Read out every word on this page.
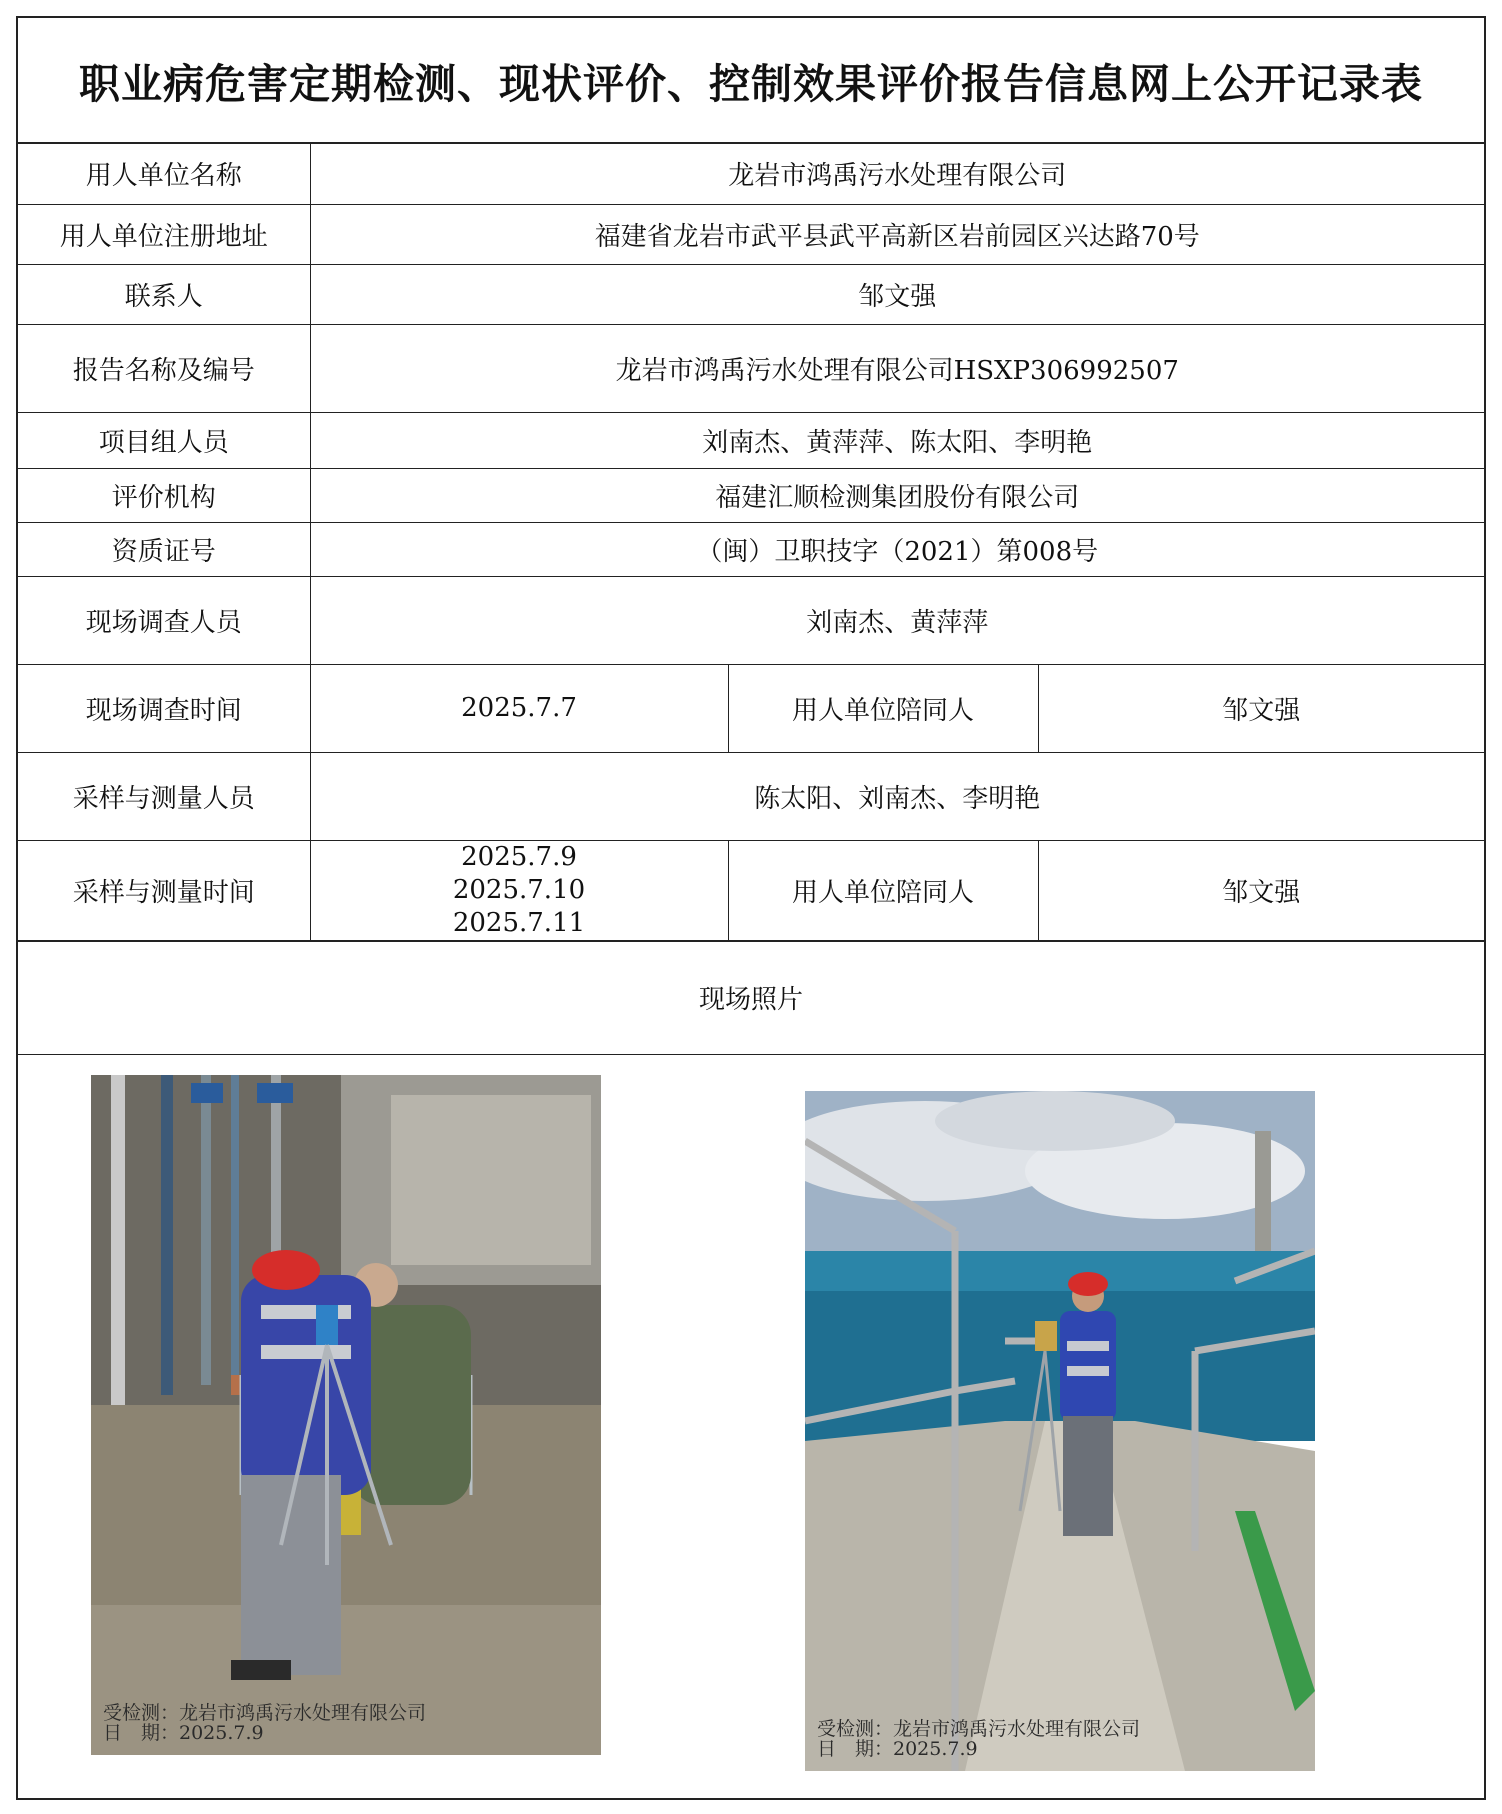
职业病危害定期检测、现状评价、控制效果评价报告信息网上公开记录表
用人单位名称	龙岩市鸿禹污水处理有限公司		
用人单位注册地址	福建省龙岩市武平县武平高新区岩前园区兴达路70号		
联系人	邹文强		
报告名称及编号	龙岩市鸿禹污水处理有限公司HSXP306992507		
项目组人员	刘南杰、黄萍萍、陈太阳、李明艳		
评价机构	福建汇顺检测集团股份有限公司		
资质证号	（闽）卫职技字（2021）第008号		
现场调查人员	刘南杰、黄萍萍		
现场调查时间	2025.7.7	用人单位陪同人	邹文强
采样与测量人员	陈太阳、刘南杰、李明艳		
采样与测量时间	2025.7.9
2025.7.10
2025.7.11	用人单位陪同人	邹文强
现场照片
受检测：龙岩市鸿禹污水处理有限公司
日　期：2025.7.9	受检测：龙岩市鸿禹污水处理有限公司
日　期：2025.7.9
